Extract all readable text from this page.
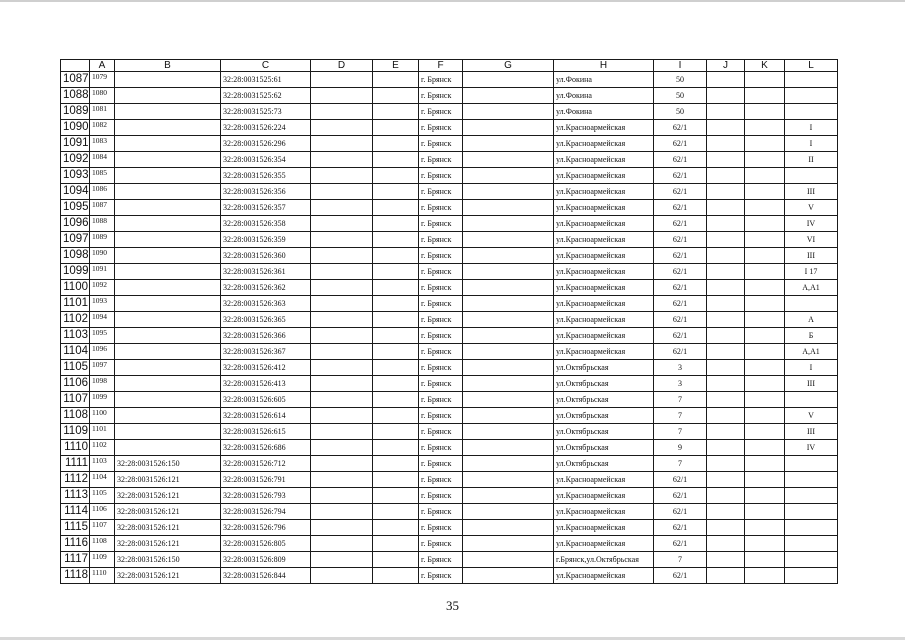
	A	B	C	D	E	F	G	H	I	J	K	L
1087	1079		32:28:0031525:61			г. Брянск		ул.Фокина	50			
1088	1080		32:28:0031525:62			г. Брянск		ул.Фокина	50			
1089	1081		32:28:0031525:73			г. Брянск		ул.Фокина	50			
1090	1082		32:28:0031526:224			г. Брянск		ул.Красноармейская	62/1			I
1091	1083		32:28:0031526:296			г. Брянск		ул.Красноармейская	62/1			I
1092	1084		32:28:0031526:354			г. Брянск		ул.Красноармейская	62/1			II
1093	1085		32:28:0031526:355			г. Брянск		ул.Красноармейская	62/1			
1094	1086		32:28:0031526:356			г. Брянск		ул.Красноармейская	62/1			III
1095	1087		32:28:0031526:357			г. Брянск		ул.Красноармейская	62/1			V
1096	1088		32:28:0031526:358			г. Брянск		ул.Красноармейская	62/1			IV
1097	1089		32:28:0031526:359			г. Брянск		ул.Красноармейская	62/1			VI
1098	1090		32:28:0031526:360			г. Брянск		ул.Красноармейская	62/1			III
1099	1091		32:28:0031526:361			г. Брянск		ул.Красноармейская	62/1			I 17
1100	1092		32:28:0031526:362			г. Брянск		ул.Красноармейская	62/1			А,А1
1101	1093		32:28:0031526:363			г. Брянск		ул.Красноармейская	62/1			
1102	1094		32:28:0031526:365			г. Брянск		ул.Красноармейская	62/1			А
1103	1095		32:28:0031526:366			г. Брянск		ул.Красноармейская	62/1			Б
1104	1096		32:28:0031526:367			г. Брянск		ул.Красноармейская	62/1			А,А1
1105	1097		32:28:0031526:412			г. Брянск		ул.Октябрьская	3			I
1106	1098		32:28:0031526:413			г. Брянск		ул.Октябрьская	3			III
1107	1099		32:28:0031526:605			г. Брянск		ул.Октябрьская	7			
1108	1100		32:28:0031526:614			г. Брянск		ул.Октябрьская	7			V
1109	1101		32:28:0031526:615			г. Брянск		ул.Октябрьская	7			III
1110	1102		32:28:0031526:686			г. Брянск		ул.Октябрьская	9			IV
1111	1103	32:28:0031526:150	32:28:0031526:712			г. Брянск		ул.Октябрьская	7			
1112	1104	32:28:0031526:121	32:28:0031526:791			г. Брянск		ул.Красноармейская	62/1			
1113	1105	32:28:0031526:121	32:28:0031526:793			г. Брянск		ул.Красноармейская	62/1			
1114	1106	32:28:0031526:121	32:28:0031526:794			г. Брянск		ул.Красноармейская	62/1			
1115	1107	32:28:0031526:121	32:28:0031526:796			г. Брянск		ул.Красноармейская	62/1			
1116	1108	32:28:0031526:121	32:28:0031526:805			г. Брянск		ул.Красноармейская	62/1			
1117	1109	32:28:0031526:150	32:28:0031526:809			г. Брянск		г.Брянск,ул.Октябрьская	7			
1118	1110	32:28:0031526:121	32:28:0031526:844			г. Брянск		ул.Красноармейская	62/1			
35
